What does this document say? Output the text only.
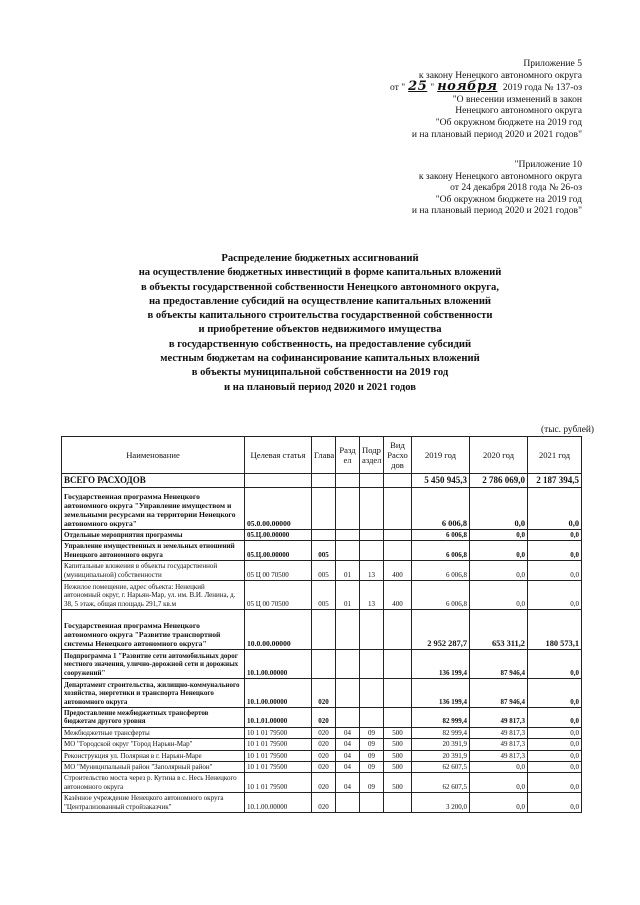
Приложение 5
к закону Ненецкого автономного округа
от " 25 " ноября 2019 года № 137-оз
"О внесении изменений в закон
Ненецкого автономного округа
"Об окружном бюджете на 2019 год
и на плановый период 2020 и 2021 годов"
"Приложение 10
к закону Ненецкого автономного округа
от 24 декабря 2018 года № 26-оз
"Об окружном бюджете на 2019 год
и на плановый период 2020 и 2021 годов"
Распределение бюджетных ассигнований
на осуществление бюджетных инвестиций в форме капитальных вложений
в объекты государственной собственности Ненецкого автономного округа,
на предоставление субсидий на осуществление капитальных вложений
в объекты капитального строительства государственной собственности
и приобретение объектов недвижимого имущества
в государственную собственность, на предоставление субсидий
местным бюджетам на софинансирование капитальных вложений
в объекты муниципальной собственности на 2019 год
и на плановый период 2020 и 2021 годов
(тыс. рублей)
Наименование	Целевая статья	Глава	Разд ел	Подр аздел	Вид Расхо дов	2019 год	2020 год	2021 год
ВСЕГО РАСХОДОВ						5 450 945,3	2 786 069,0	2 187 394,5
Государственная программа Ненецкого автономного округа "Управление имуществом и земельными ресурсами на территории Ненецкого автономного округа"	05.0.00.00000					6 006,8	0,0	0,0
Отдельные мероприятия программы	05.Ц.00.00000					6 006,8	0,0	0,0
Управление имущественных и земельных отношений Ненецкого автономного округа	05.Ц.00.00000	005				6 006,8	0,0	0,0
Капитальные вложения в объекты государственной (муниципальной) собственности	05 Ц 00 70500	005	01	13	400	6 006,8	0,0	0,0
Нежилое помещение, адрес объекта: Ненецкий автономный округ, г. Нарьян-Мар, ул. им. В.И. Ленина, д. 38, 5 этаж, общая площадь 291,7 кв.м	05 Ц 00 70500	005	01	13	400	6 006,8	0,0	0,0
Государственная программа Ненецкого автономного округа "Развитие транспортной системы Ненецкого автономного округа"	10.0.00.00000					2 952 287,7	653 311,2	180 573,1
Подпрограмма 1 "Развитие сети автомобильных дорог местного значения, улично-дорожной сети и дорожных сооружений"	10.1.00.00000					136 199,4	87 946,4	0,0
Департамент строительства, жилищно-коммунального хозяйства, энергетики и транспорта Ненецкого автономного округа	10.1.00.00000	020				136 199,4	87 946,4	0,0
Предоставление межбюджетных трансфертов бюджетам другого уровня	10.1.01.00000	020				82 999,4	49 817,3	0,0
Межбюджетные трансферты	10 1 01 79500	020	04	09	500	82 999,4	49 817,3	0,0
МО "Городской округ "Город Нарьян-Мар"	10 1 01 79500	020	04	09	500	20 391,9	49 817,3	0,0
Реконструкция ул. Полярная в г. Нарьян-Маре	10 1 01 79500	020	04	09	500	20 391,9	49 817,3	0,0
МО "Муниципальный район "Заполярный район"	10 1 01 79500	020	04	09	500	62 607,5	0,0	0,0
Строительство моста через р. Кутина в с. Несь Ненецкого автономного округа	10 1 01 79500	020	04	09	500	62 607,5	0,0	0,0
Казённое учреждение Ненецкого автономного округа "Централизованный стройзаказчик"	10.1.00.00000	020				3 200,0	0,0	0,0
